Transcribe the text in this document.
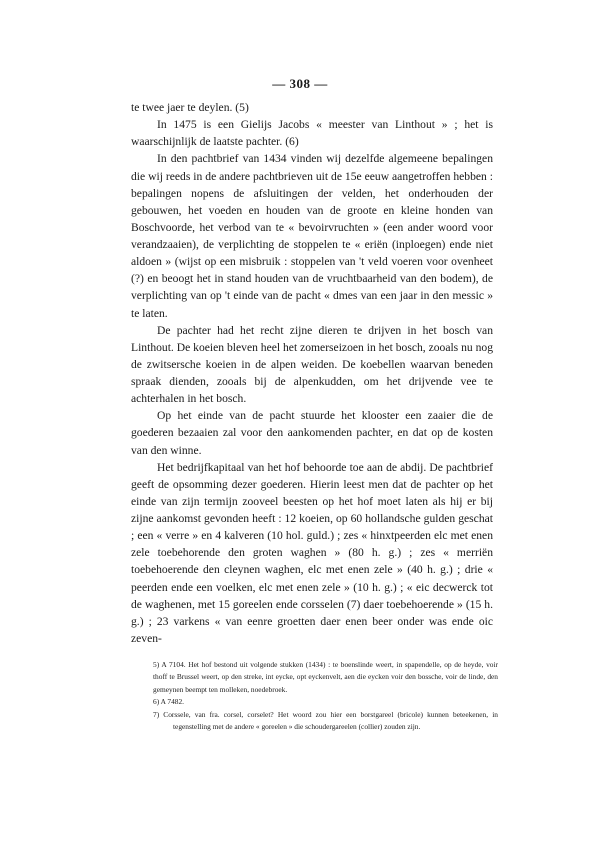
— 308 —

te twee jaer te deylen. (5)

In 1475 is een Gielijs Jacobs « meester van Linthout » ; het is waarschijnlijk de laatste pachter. (6)

In den pachtbrief van 1434 vinden wij dezelfde algemeene bepalingen die wij reeds in de andere pachtbrieven uit de 15e eeuw aangetroffen hebben : bepalingen nopens de afsluitingen der velden, het onderhouden der gebouwen, het voeden en houden van de groote en kleine honden van Boschvoorde, het verbod van te « bevoirvruchten » (een ander woord voor verandzaaien), de verplichting de stoppelen te « eriën (inploegen) ende niet aldoen » (wijst op een misbruik : stoppelen van 't veld voeren voor ovenheet (?) en beoogt het in stand houden van de vruchtbaarheid van den bodem), de verplichting van op 't einde van de pacht « dmes van een jaar in den messic » te laten.

De pachter had het recht zijne dieren te drijven in het bosch van Linthout. De koeien bleven heel het zomerseizoen in het bosch, zooals nu nog de zwitsersche koeien in de alpen weiden. De koebellen waarvan beneden spraak dienden, zooals bij de alpenkudden, om het drijvende vee te achterhalen in het bosch.

Op het einde van de pacht stuurde het klooster een zaaier die de goederen bezaaien zal voor den aankomenden pachter, en dat op de kosten van den winne.

Het bedrijfkapitaal van het hof behoorde toe aan de abdij. De pachtbrief geeft de opsomming dezer goederen. Hierin leest men dat de pachter op het einde van zijn termijn zooveel beesten op het hof moet laten als hij er bij zijne aankomst gevonden heeft : 12 koeien, op 60 hollandsche gulden geschat ; een « verre » en 4 kalveren (10 hol. guld.) ; zes « hinxtpeerden elc met enen zele toebehorende den groten waghen » (80 h. g.) ; zes « merriën toebehoerende den cleynen waghen, elc met enen zele » (40 h. g.) ; drie « peerden ende een voelken, elc met enen zele » (10 h. g.) ; « eic decwerck tot de waghenen, met 15 goreelen ende corsselen (7) daer toebehoerende » (15 h. g.) ; 23 varkens « van eenre groetten daer enen beer onder was ende oic zeven-

5) A 7104. Het hof bestond uit volgende stukken (1434) : te boenslinde weert, in spapendelle, op de heyde, voir thoff te Brussel weert, op den streke, int eycke, opt eyckenvelt, aen die eycken voir den bossche, voir de linde, den gemeynen beempt ten molleken, noedebroek.
6) A 7482.
7) Corssele, van fra. corsel, corselet? Het woord zou hier een borstgareel (bricole) kunnen beteekenen, in tegenstelling met de andere « goreelen » die schoudergareelen (collier) zouden zijn.
